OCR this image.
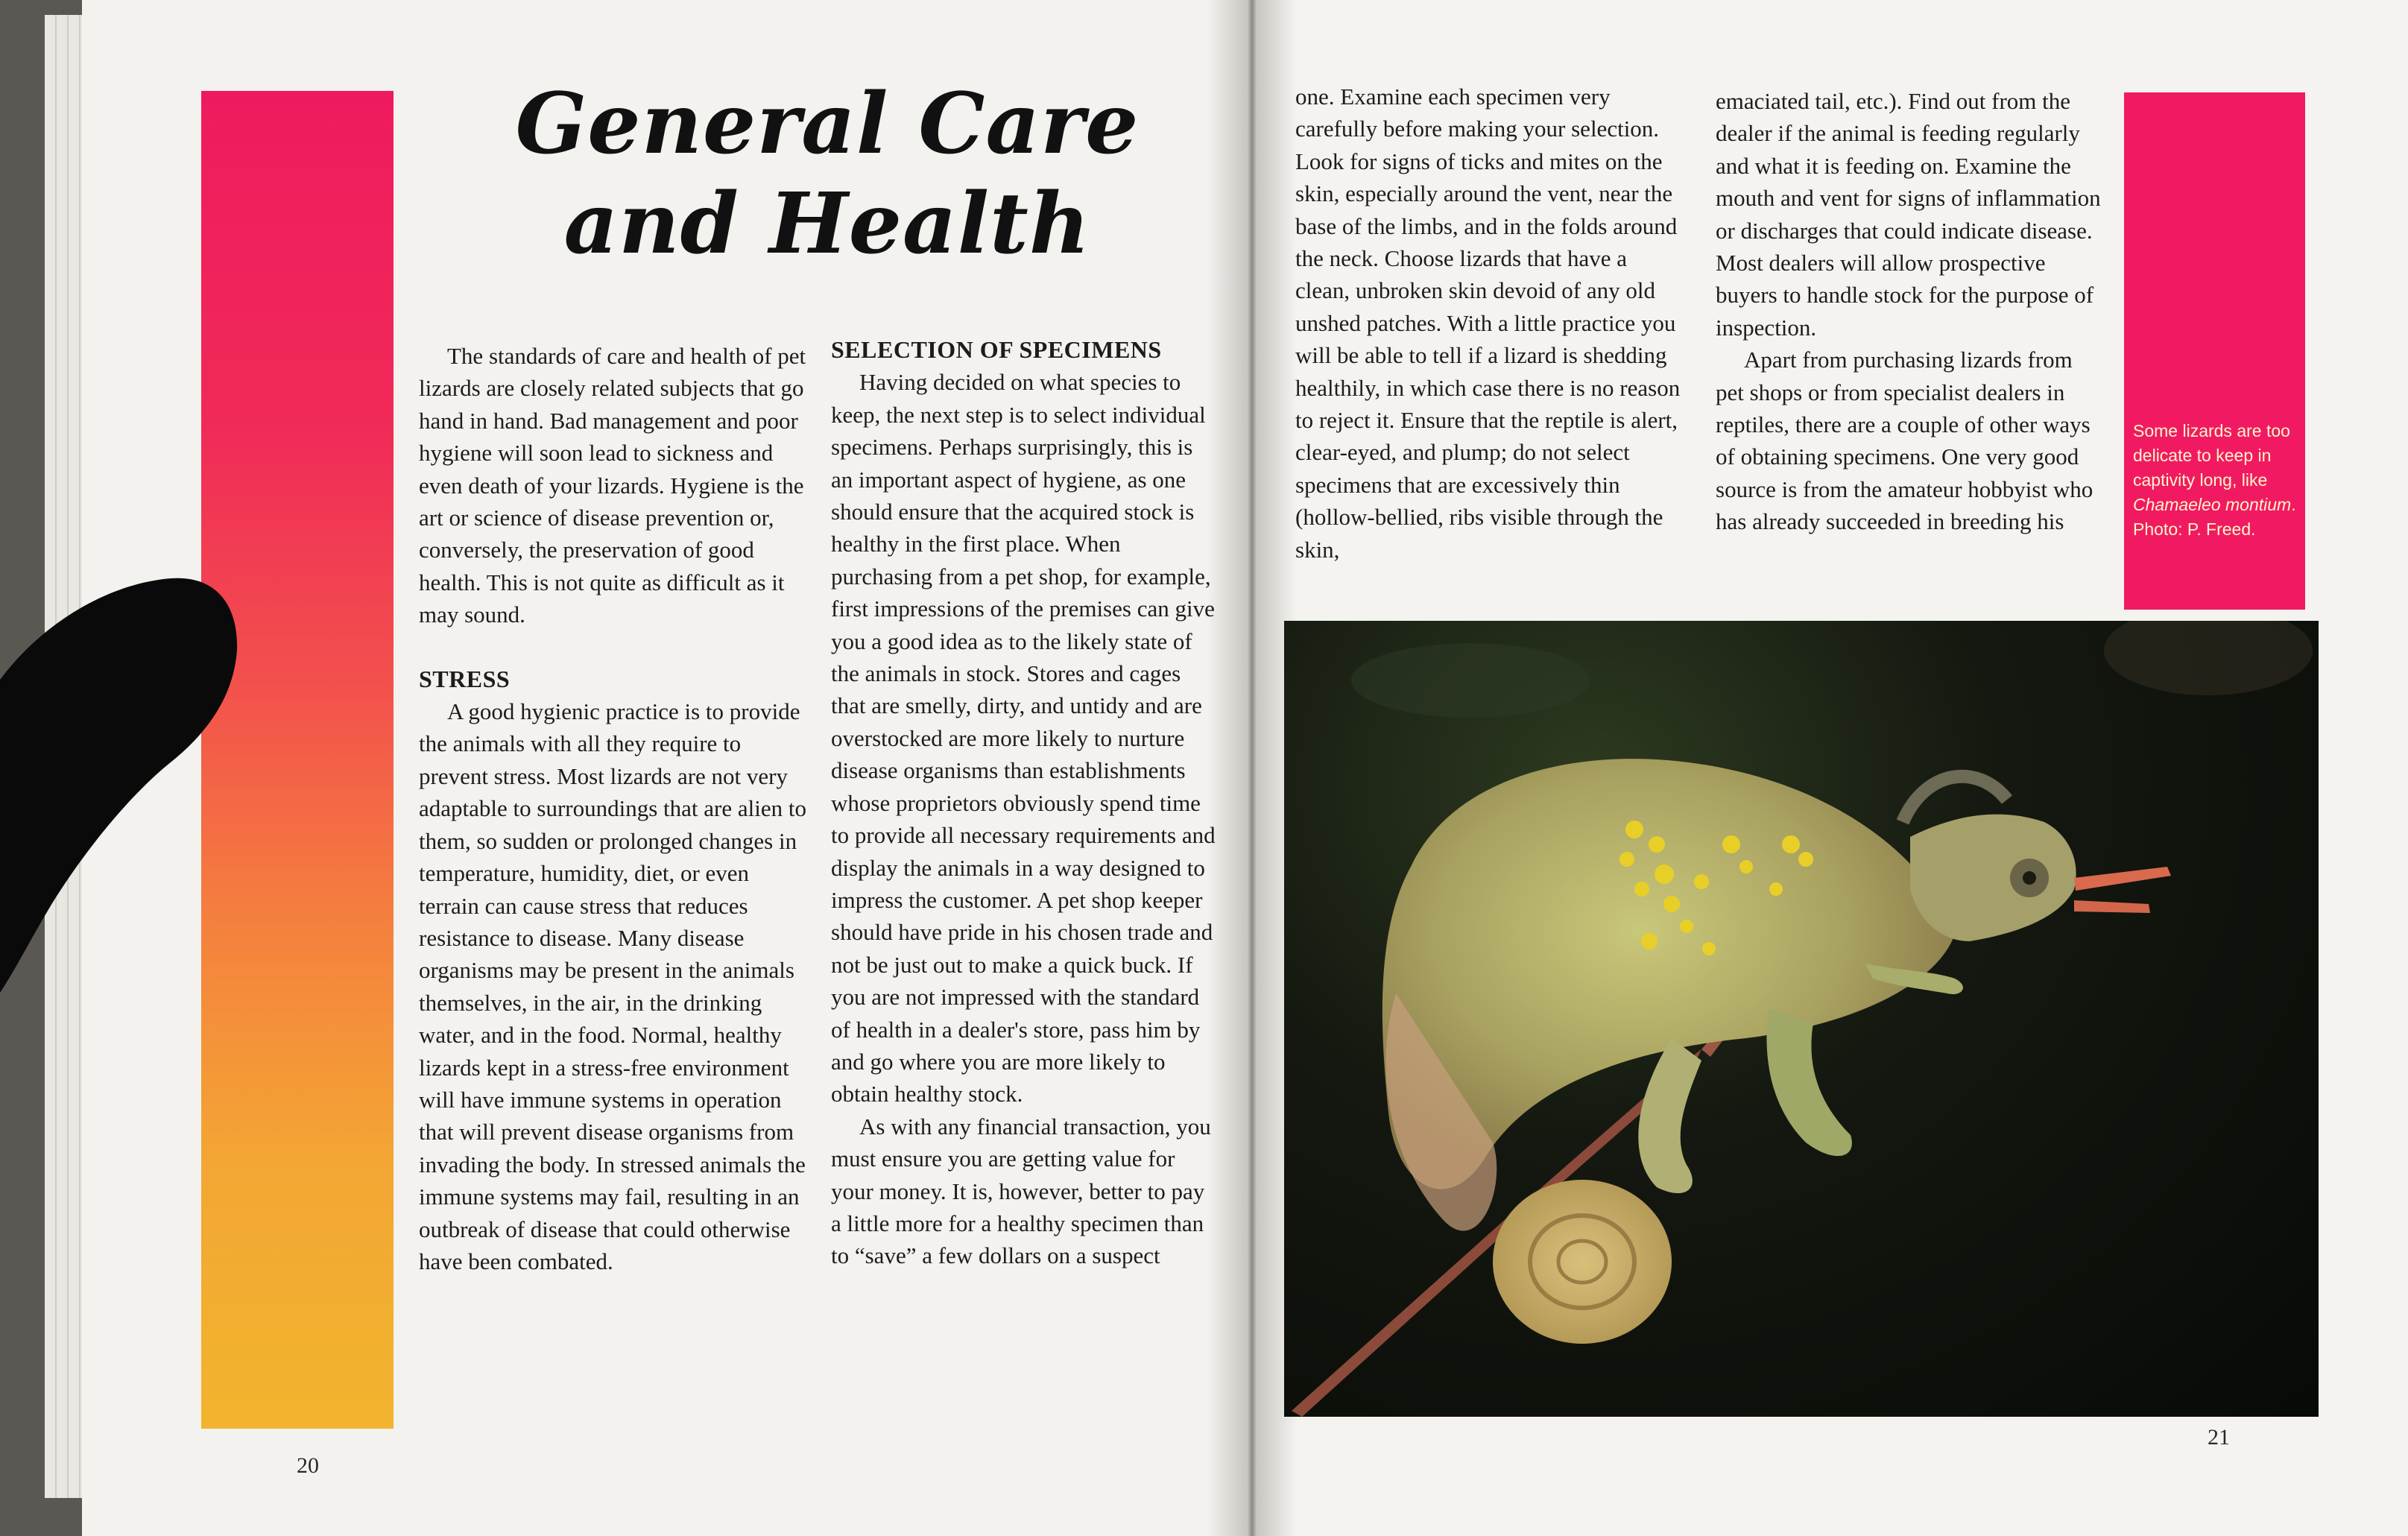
General Care
and Health

The standards of care and health of pet lizards are closely related subjects that go hand in hand. Bad management and poor hygiene will soon lead to sickness and even death of your lizards. Hygiene is the art or science of disease prevention or, conversely, the preservation of good health. This is not quite as difficult as it may sound.

STRESS

A good hygienic practice is to provide the animals with all they require to prevent stress. Most lizards are not very adaptable to surroundings that are alien to them, so sudden or prolonged changes in temperature, humidity, diet, or even terrain can cause stress that reduces resistance to disease. Many disease organisms may be present in the animals themselves, in the air, in the drinking water, and in the food. Normal, healthy lizards kept in a stress-free environment will have immune systems in operation that will prevent disease organisms from invading the body. In stressed animals the immune systems may fail, resulting in an outbreak of disease that could otherwise have been combated.

SELECTION OF SPECIMENS

Having decided on what species to keep, the next step is to select individual specimens. Perhaps surprisingly, this is an important aspect of hygiene, as one should ensure that the acquired stock is healthy in the first place. When purchasing from a pet shop, for example, first impressions of the premises can give you a good idea as to the likely state of the animals in stock. Stores and cages that are smelly, dirty, and untidy and are overstocked are more likely to nurture disease organisms than establishments whose proprietors obviously spend time to provide all necessary requirements and display the animals in a way designed to impress the customer. A pet shop keeper should have pride in his chosen trade and not be just out to make a quick buck. If you are not impressed with the standard of health in a dealer's store, pass him by and go where you are more likely to obtain healthy stock.

As with any financial transaction, you must ensure you are getting value for your money. It is, however, better to pay a little more for a healthy specimen than to “save” a few dollars on a suspect

one. Examine each specimen very carefully before making your selection. Look for signs of ticks and mites on the skin, especially around the vent, near the base of the limbs, and in the folds around the neck. Choose lizards that have a clean, unbroken skin devoid of any old unshed patches. With a little practice you will be able to tell if a lizard is shedding healthily, in which case there is no reason to reject it. Ensure that the reptile is alert, clear-eyed, and plump; do not select specimens that are excessively thin (hollow-bellied, ribs visible through the skin,

emaciated tail, etc.). Find out from the dealer if the animal is feeding regularly and what it is feeding on. Examine the mouth and vent for signs of inflammation or discharges that could indicate disease. Most dealers will allow prospective buyers to handle stock for the purpose of inspection.

Apart from purchasing lizards from pet shops or from specialist dealers in reptiles, there are a couple of other ways of obtaining specimens. One very good source is from the amateur hobbyist who has already succeeded in breeding his

Some lizards are too delicate to keep in captivity long, like Chamaeleo montium. Photo: P. Freed.
20
21
